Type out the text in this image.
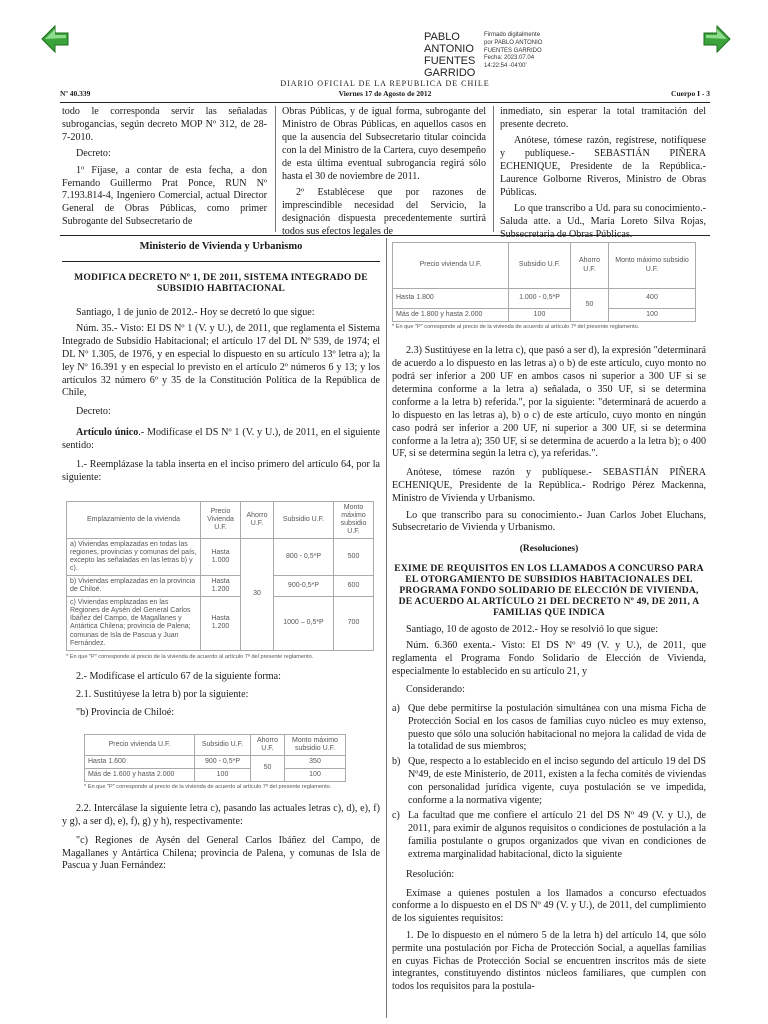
PABLO
ANTONIO
FUENTES
GARRIDO
Firmado digitalmente
por PABLO ANTONIO
FUENTES GARRIDO
Fecha: 2023.07.04
14:22:54 -04'00'
DIARIO OFICIAL DE LA REPUBLICA DE CHILE
Nº 40.339	Viernes 17 de Agosto de 2012	Cuerpo I - 3

todo le corresponda servir las señaladas subrogancias, según decreto MOP Nº 312, de 28-7-2010.

Decreto:

1º Fíjase, a contar de esta fecha, a don Fernando Guillermo Prat Ponce, RUN Nº 7.193.814-4, Ingeniero Comercial, actual Director General de Obras Públicas, como primer Subrogante del Subsecretario de

Obras Públicas, y de igual forma, subrogante del Ministro de Obras Públicas, en aquellos casos en que la ausencia del Subsecretario titular coincida con la del Ministro de la Cartera, cuyo desempeño de esta última eventual subrogancia regirá sólo hasta el 30 de noviembre de 2011.

2º Establécese que por razones de imprescindible necesidad del Servicio, la designación dispuesta precedentemente surtirá todos sus efectos legales de

inmediato, sin esperar la total tramitación del presente decreto.

Anótese, tómese razón, regístrese, notifíquese y publíquese.- SEBASTIÁN PIÑERA ECHENIQUE, Presidente de la República.- Laurence Golborne Riveros, Ministro de Obras Públicas.

Lo que transcribo a Ud. para su conocimiento.- Saluda atte. a Ud., María Loreto Silva Rojas, Subsecretaria de Obras Públicas.

Ministerio de Vivienda y Urbanismo
MODIFICA DECRETO Nº 1, DE 2011, SISTEMA INTEGRADO DE SUBSIDIO HABITACIONAL

Santiago, 1 de junio de 2012.- Hoy se decretó lo que sigue:

Núm. 35.- Visto: El DS Nº 1 (V. y U.), de 2011, que reglamenta el Sistema Integrado de Subsidio Habitacional; el artículo 17 del DL Nº 539, de 1974; el DL Nº 1.305, de 1976, y en especial lo dispuesto en su artículo 13º letra a); la ley Nº 16.391 y en especial lo previsto en el artículo 2º números 6 y 13; y los artículos 32 número 6º y 35 de la Constitución Política de la República de Chile,

Decreto:

Artículo único.- Modifícase el DS Nº 1 (V. y U.), de 2011, en el siguiente sentido:

1.- Reemplázase la tabla inserta en el inciso primero del artículo 64, por la siguiente:

Emplazamiento de la vivienda	Precio Vivienda U.F.	Ahorro U.F.	Subsidio U.F.	Monto máximo subsidio U.F.
a) Viviendas emplazadas en todas las regiones, provincias y comunas del país, excepto las señaladas en las letras b) y c).	Hasta 1.000	30	800 - 0,5*P	500
b) Viviendas emplazadas en la provincia de Chiloé.	Hasta 1.200		900-0,5*P	600
c) Viviendas emplazadas en las Regiones de Aysén del General Carlos Ibáñez del Campo, de Magallanes y Antártica Chilena; provincia de Palena; comunas de Isla de Pascua y Juan Fernández.	Hasta 1.200		1000 – 0,5*P	700
* En que "P" corresponde al precio de la vivienda de acuerdo al artículo 7º del presente reglamento.

2.- Modifícase el artículo 67 de la siguiente forma:

2.1. Sustitúyese la letra b) por la siguiente:

"b) Provincia de Chiloé:

Precio vivienda U.F.	Subsidio U.F.	Ahorro U.F.	Monto máximo subsidio U.F.
Hasta 1.600	900 - 0,5*P	50	350
Más de 1.600 y hasta 2.000	100		100
* En que "P" corresponde al precio de la vivienda de acuerdo al artículo 7º del presente reglamento.

2.2. Intercálase la siguiente letra c), pasando las actuales letras c), d), e), f) y g), a ser d), e), f), g) y h), respectivamente:

"c) Regiones de Aysén del General Carlos Ibáñez del Campo, de Magallanes y Antártica Chilena; provincia de Palena, y comunas de Isla de Pascua y Juan Fernández:

Precio vivienda U.F.	Subsidio U.F.	Ahorro U.F.	Monto máximo subsidio U.F.
Hasta 1.800	1.000 - 0,5*P	50	400
Más de 1.800 y hasta 2.000	100		100
* En que "P" corresponde al precio de la vivienda de acuerdo al artículo 7º del presente reglamento.

2.3) Sustitúyese en la letra c), que pasó a ser d), la expresión "determinará de acuerdo a lo dispuesto en las letras a) o b) de este artículo, cuyo monto no podrá ser inferior a 200 UF en ambos casos ni superior a 300 UF si se determina conforme a la letra a) señalada, o 350 UF, si se determina conforme a la letra b) referida.", por la siguiente: "determinará de acuerdo a lo dispuesto en las letras a), b) o c) de este artículo, cuyo monto en ningún caso podrá ser inferior a 200 UF, ni superior a 300 UF, si se determina conforme a la letra a); 350 UF, si se determina de acuerdo a la letra b); o 400 UF, si se determina según la letra c), ya referidas.".

Anótese, tómese razón y publíquese.- SEBASTIÁN PIÑERA ECHENIQUE, Presidente de la República.- Rodrigo Pérez Mackenna, Ministro de Vivienda y Urbanismo.

Lo que transcribo para su conocimiento.- Juan Carlos Jobet Eluchans, Subsecretario de Vivienda y Urbanismo.

(Resoluciones)
EXIME DE REQUISITOS EN LOS LLAMADOS A CONCURSO PARA EL OTORGAMIENTO DE SUBSIDIOS HABITACIONALES DEL PROGRAMA FONDO SOLIDARIO DE ELECCIÓN DE VIVIENDA, DE ACUERDO AL ARTÍCULO 21 DEL DECRETO Nº 49, DE 2011, A FAMILIAS QUE INDICA

Santiago, 10 de agosto de 2012.- Hoy se resolvió lo que sigue:

Núm. 6.360 exenta.- Visto: El DS Nº 49 (V. y U.), de 2011, que reglamenta el Programa Fondo Solidario de Elección de Vivienda, especialmente lo establecido en su artículo 21, y

Considerando:

a) Que debe permitirse la postulación simultánea con una misma Ficha de Protección Social en los casos de familias cuyo núcleo es muy extenso, puesto que sólo una solución habitacional no mejora la calidad de vida de la totalidad de sus miembros;

b) Que, respecto a lo establecido en el inciso segundo del artículo 19 del DS Nº49, de este Ministerio, de 2011, existen a la fecha comités de viviendas con personalidad jurídica vigente, cuya postulación se ve impedida, conforme a la normativa vigente;

c) La facultad que me confiere el artículo 21 del DS Nº 49 (V. y U.), de 2011, para eximir de algunos requisitos o condiciones de postulación a la familia postulante o grupos organizados que vivan en condiciones de extrema marginalidad habitacional, dicto la siguiente

Resolución:

Exímase a quienes postulen a los llamados a concurso efectuados conforme a lo dispuesto en el DS Nº 49 (V. y U.), de 2011, del cumplimiento de los siguientes requisitos:

1. De lo dispuesto en el número 5 de la letra h) del artículo 14, que sólo permite una postulación por Ficha de Protección Social, a aquellas familias en cuyas Fichas de Protección Social se encuentren inscritos más de siete integrantes, constituyendo distintos núcleos familiares, que cumplen con todos los requisitos para la postula-
